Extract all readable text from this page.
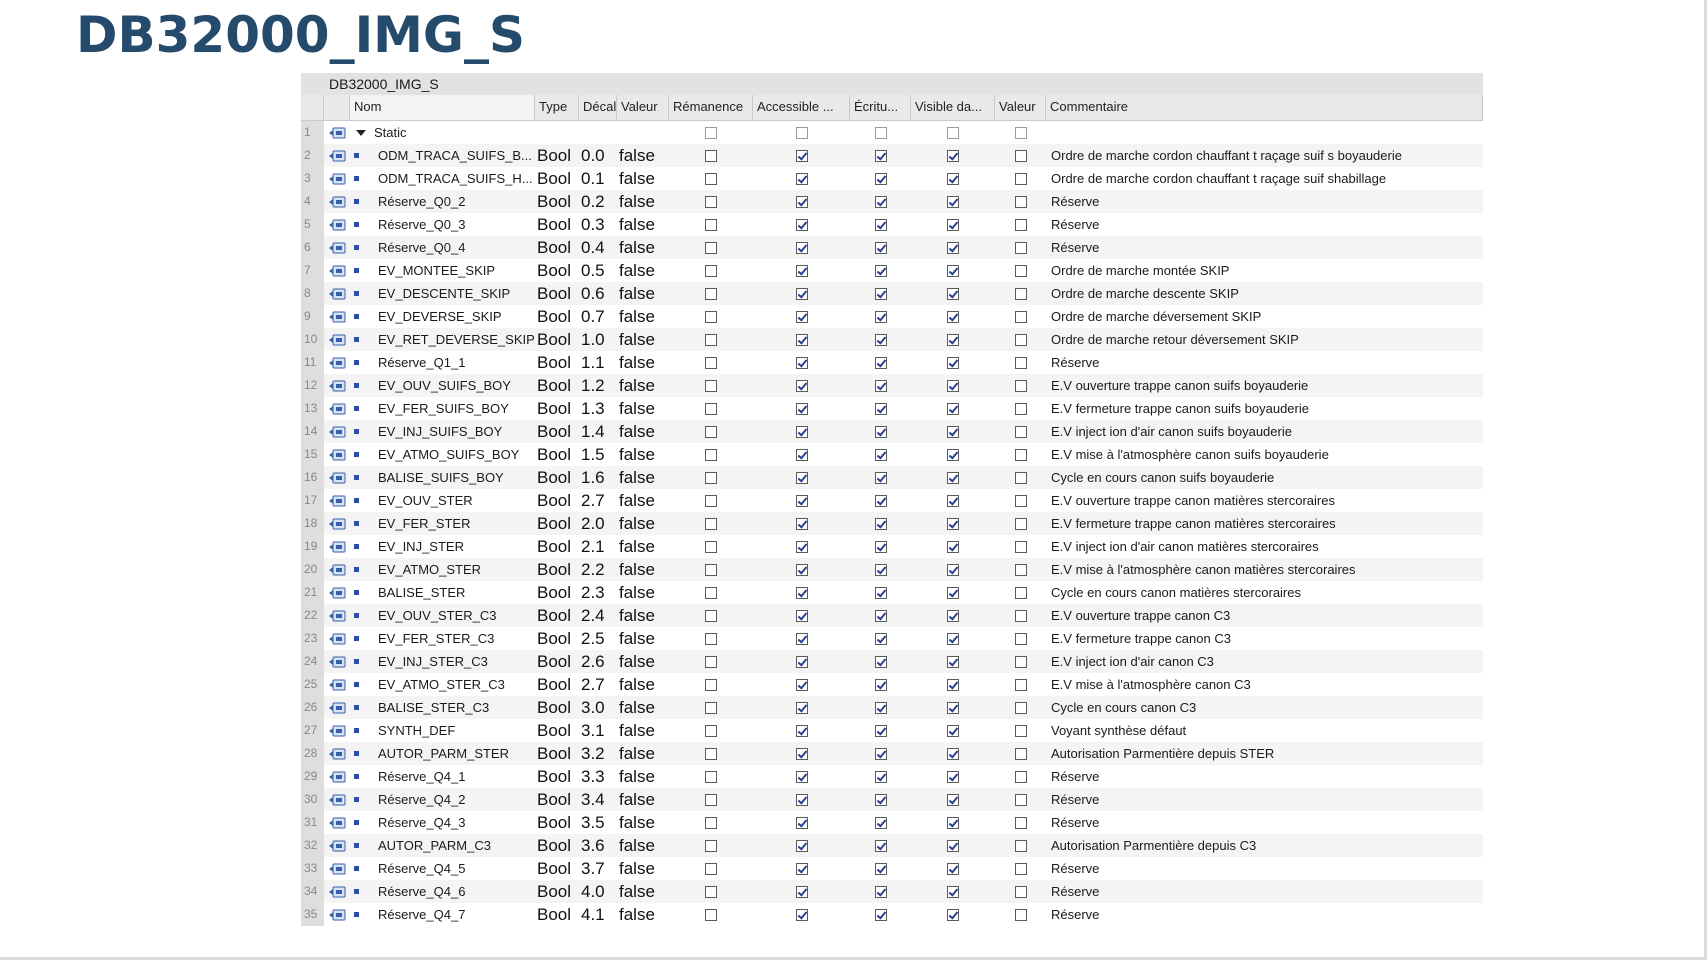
DB32000_IMG_S
DB32000_IMG_S
Nom	Type	Décal Valeur	Rémanence	Accessible ...	Écritu...	Visible da...	Valeur	Commentaire
1	Static
2	ODM_TRACA_SUIFS_B... Bool 0.0 false	Ordre de marche cordon chauffant t raçage suif s boyauderie
3	ODM_TRACA_SUIFS_H... Bool 0.1 false	Ordre de marche cordon chauffant t raçage suif shabillage
4	Réserve_Q0_2	Bool 0.2 false	Réserve
5	Réserve_Q0_3	Bool 0.3 false	Réserve
6	Réserve_Q0_4	Bool 0.4 false	Réserve
7	EV_MONTEE_SKIP Bool 0.5 false	Ordre de marche montée SKIP
8	EV_DESCENTE_SKIP Bool 0.6 false	Ordre de marche descente SKIP
9	EV_DEVERSE_SKIP Bool 0.7 false	Ordre de marche déversement SKIP
10	EV_RET_DEVERSE_SKIP Bool 1.0 false	Ordre de marche retour déversement SKIP
11	Réserve_Q1_1	Bool 1.1 false	Réserve
12	EV_OUV_SUIFS_BOY Bool 1.2 false	E.V ouverture trappe canon suifs boyauderie
13	EV_FER_SUIFS_BOY Bool 1.3 false	E.V fermeture trappe canon suifs boyauderie
14	EV_INJ_SUIFS_BOY Bool 1.4 false	E.V inject ion d'air canon suifs boyauderie
15	EV_ATMO_SUIFS_BOY Bool 1.5 false	E.V mise à l'atmosphère canon suifs boyauderie
16	BALISE_SUIFS_BOY Bool 1.6 false	Cycle en cours canon suifs boyauderie
17	EV_OUV_STER	Bool 2.7 false	E.V ouverture trappe canon matières stercoraires
18	EV_FER_STER	Bool 2.0 false	E.V fermeture trappe canon matières stercoraires
19	EV_INJ_STER	Bool 2.1 false	E.V inject ion d'air canon matières stercoraires
20	EV_ATMO_STER	Bool 2.2 false	E.V mise à l'atmosphère canon matières stercoraires
21	BALISE_STER	Bool 2.3 false	Cycle en cours canon matières stercoraires
22	EV_OUV_STER_C3 Bool 2.4 false	E.V ouverture trappe canon C3
23	EV_FER_STER_C3	Bool 2.5 false	E.V fermeture trappe canon C3
24	EV_INJ_STER_C3	Bool 2.6 false	E.V inject ion d'air canon C3
25	EV_ATMO_STER_C3 Bool 2.7 false	E.V mise à l'atmosphère canon C3
26	BALISE_STER_C3	Bool 3.0 false	Cycle en cours canon C3
27	SYNTH_DEF	Bool 3.1 false	Voyant synthèse défaut
28	AUTOR_PARM_STER Bool 3.2 false	Autorisation Parmentière depuis STER
29	Réserve_Q4_1	Bool 3.3 false	Réserve
30	Réserve_Q4_2	Bool 3.4 false	Réserve
31	Réserve_Q4_3	Bool 3.5 false	Réserve
32	AUTOR_PARM_C3	Bool 3.6 false	Autorisation Parmentière depuis C3
33	Réserve_Q4_5	Bool 3.7 false	Réserve
34	Réserve_Q4_6	Bool 4.0 false	Réserve
35	Réserve_Q4_7	Bool 4.1 false	Réserve
